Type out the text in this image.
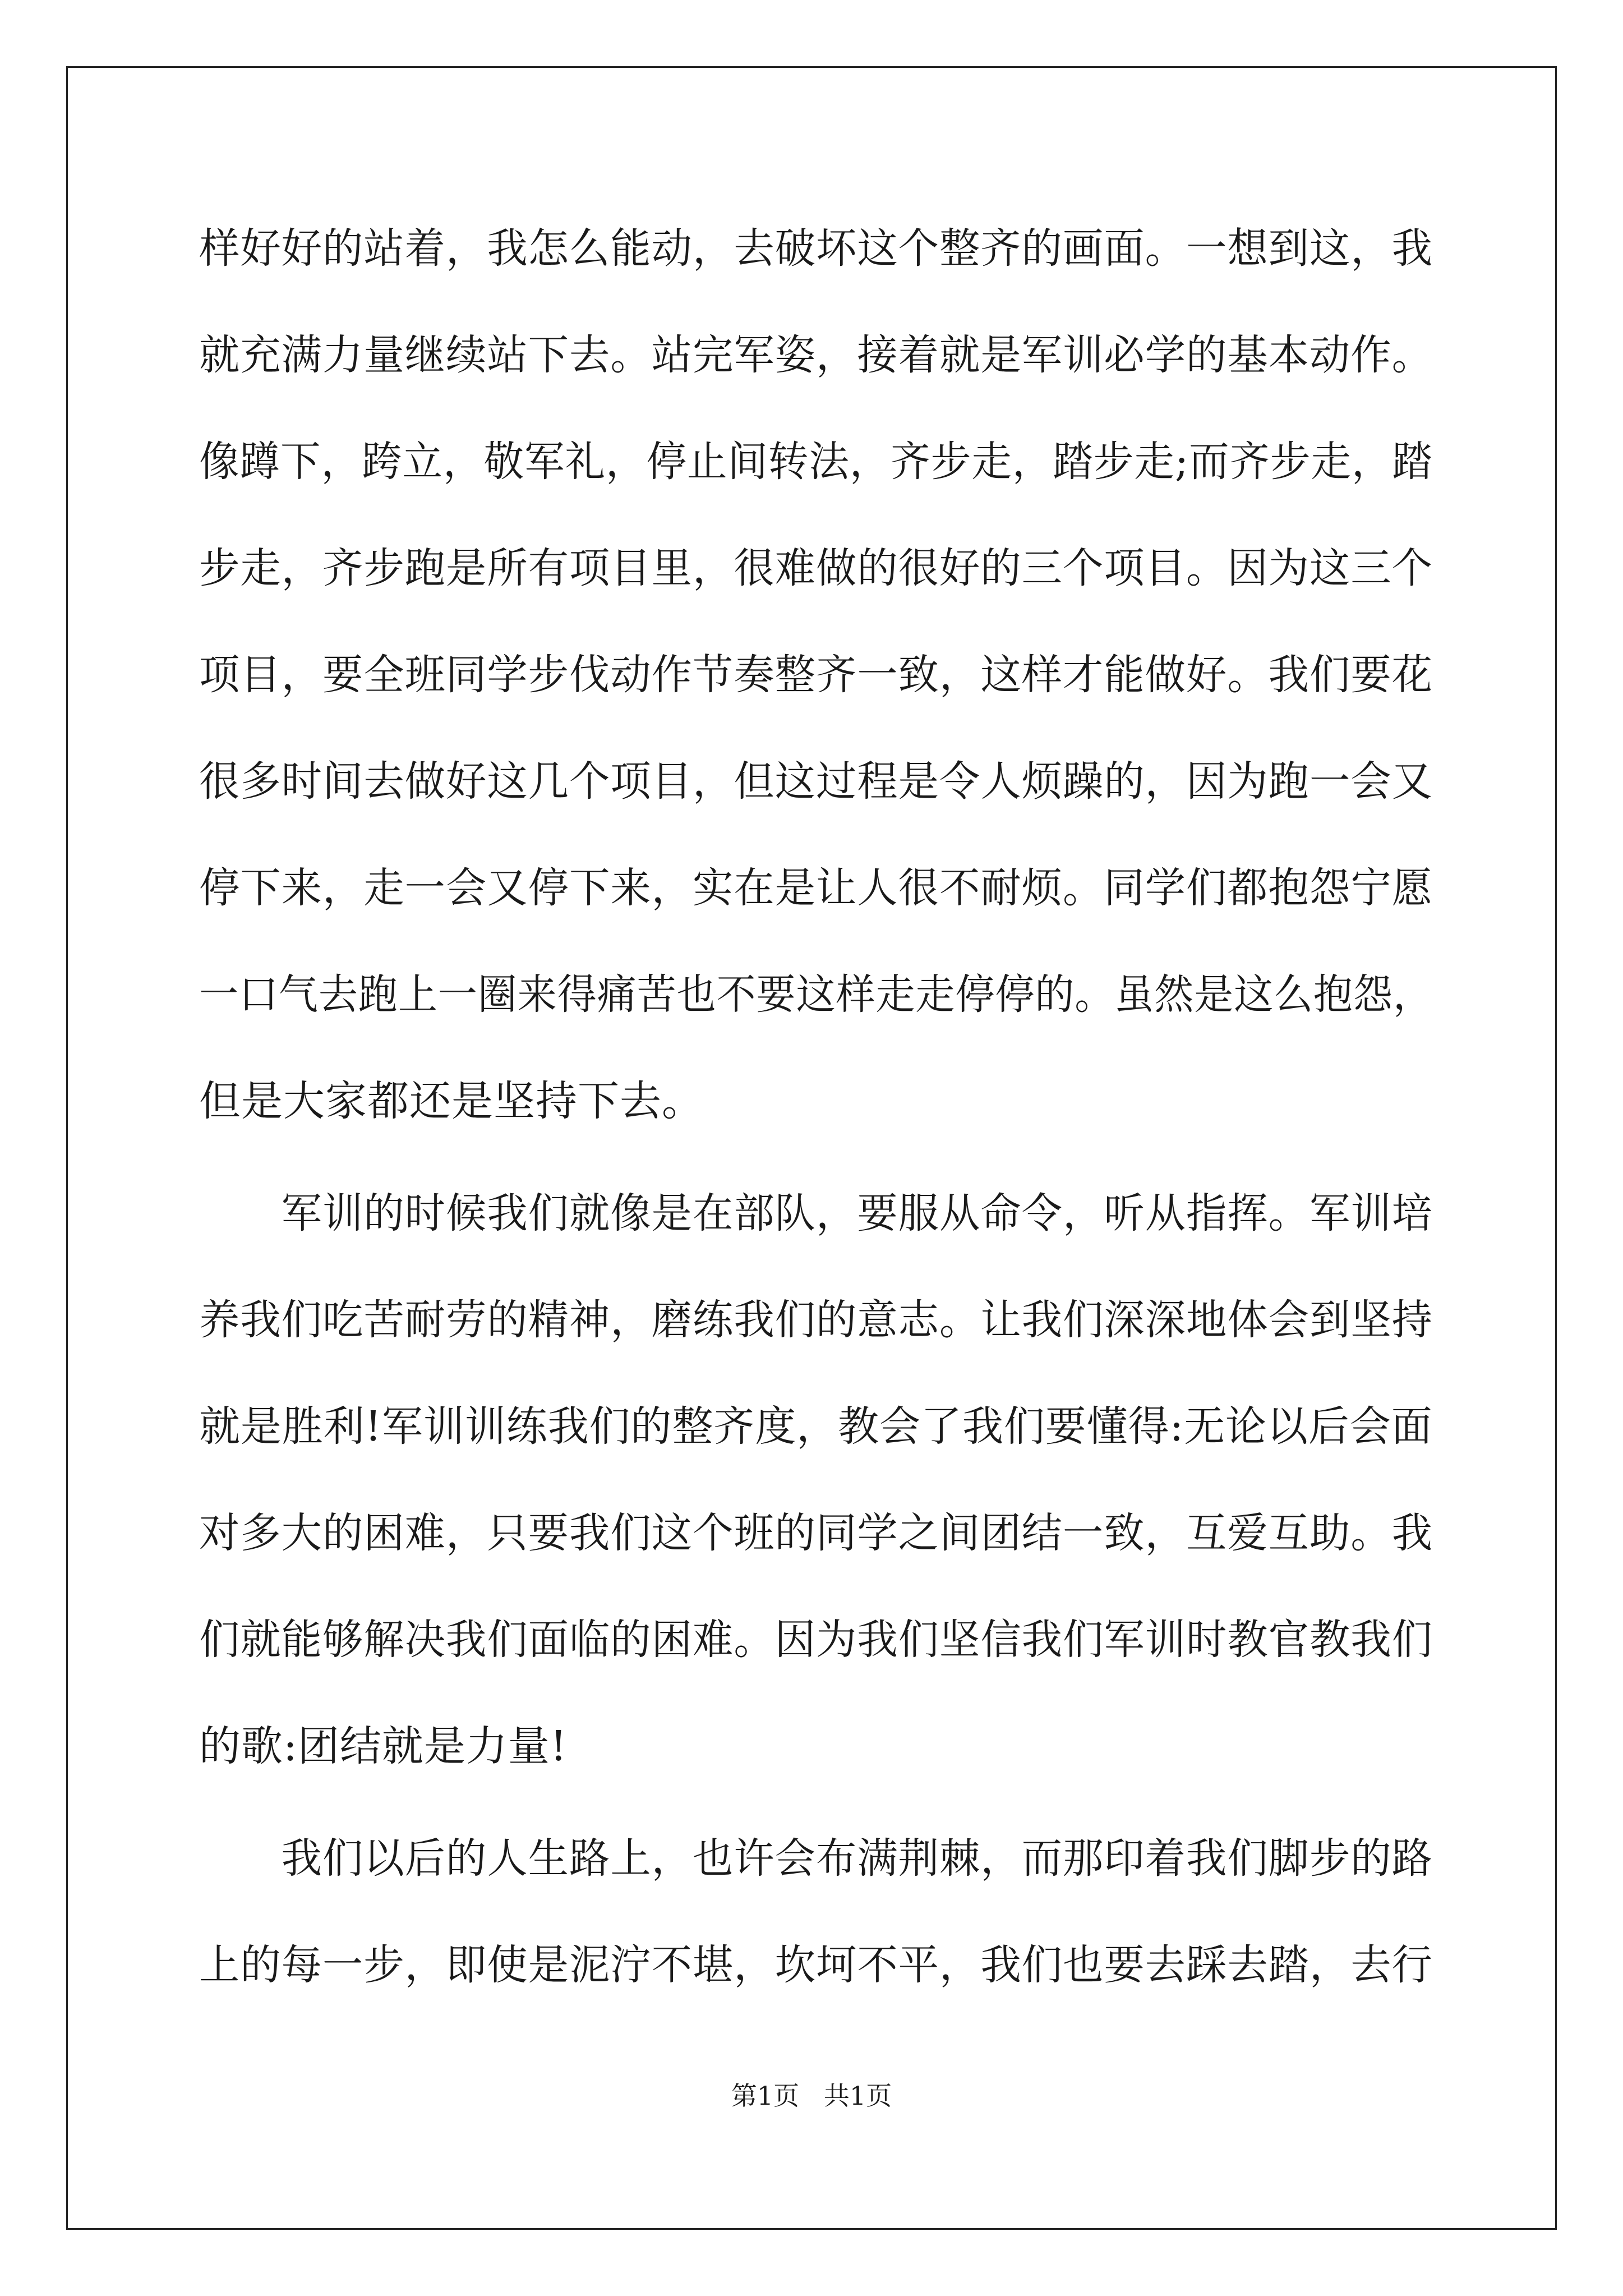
样好好的站着，我怎么能动，去破坏这个整齐的画面。一想到这，我
就充满力量继续站下去。站完军姿，接着就是军训必学的基本动作。
像蹲下，跨立，敬军礼，停止间转法，齐步走，踏步走;而齐步走，踏
步走，齐步跑是所有项目里，很难做的很好的三个项目。因为这三个
项目，要全班同学步伐动作节奏整齐一致，这样才能做好。我们要花
很多时间去做好这几个项目，但这过程是令人烦躁的，因为跑一会又
停下来，走一会又停下来，实在是让人很不耐烦。同学们都抱怨宁愿
一口气去跑上一圈来得痛苦也不要这样走走停停的。虽然是这么抱怨，
但是大家都还是坚持下去。
　　军训的时候我们就像是在部队，要服从命令，听从指挥。军训培
养我们吃苦耐劳的精神，磨练我们的意志。让我们深深地体会到坚持
就是胜利!军训训练我们的整齐度，教会了我们要懂得:无论以后会面
对多大的困难，只要我们这个班的同学之间团结一致，互爱互助。我
们就能够解决我们面临的困难。因为我们坚信我们军训时教官教我们
的歌:团结就是力量!
　　我们以后的人生路上，也许会布满荆棘，而那印着我们脚步的路
上的每一步，即使是泥泞不堪，坎坷不平，我们也要去踩去踏，去行
第1页   共1页
